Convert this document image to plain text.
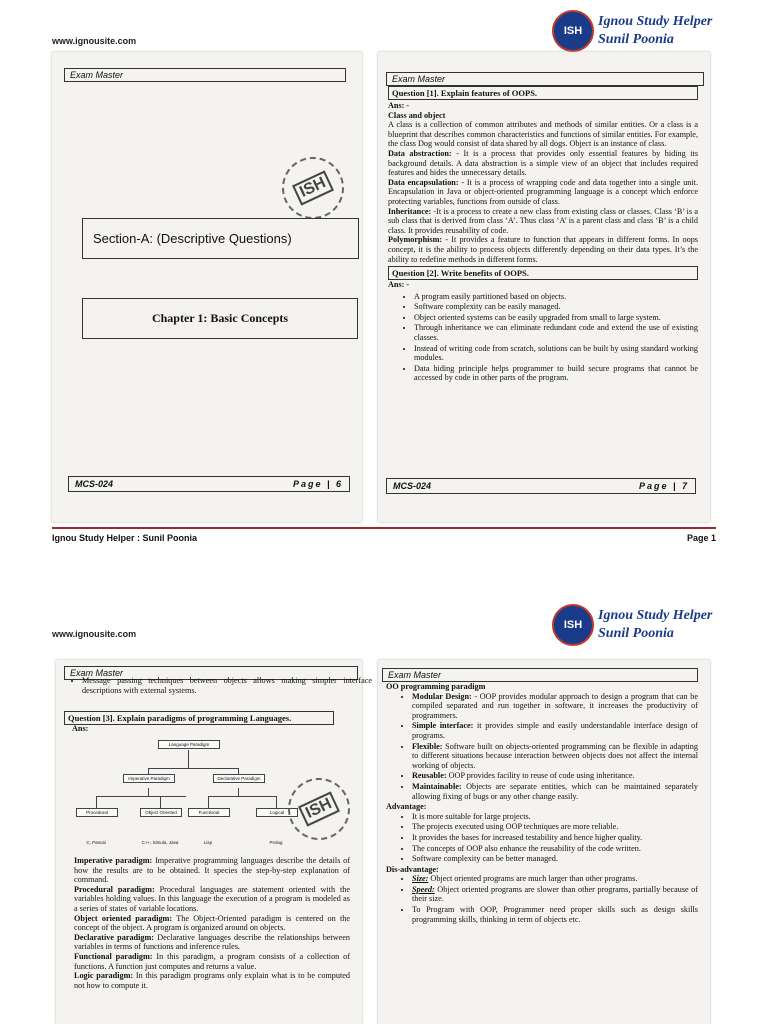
www.ignousite.com
ISH
Ignou Study Helper
Sunil Poonia
Exam Master
ISH
Section-A: (Descriptive Questions)
Chapter 1: Basic Concepts
MCS-024	Page | 6
Exam Master
Question [1]. Explain features of OOPS.

Ans: -

Class and object

A class is a collection of common attributes and methods of similar entities. Or a class is a blueprint that describes common characteristics and functions of similar entities. For example, the class Dog would consist of data shared by all dogs. Object is an instance of class.

Data abstraction: - It is a process that provides only essential features by hiding its background details. A data abstraction is a simple view of an object that includes required features and hides the unnecessary details.

Data encapsulation: - It is a process of wrapping code and data together into a single unit. Encapsulation in Java or object-oriented programming language is a concept which enforce protecting variables, functions from outside of class.

Inheritance: -It is a process to create a new class from existing class or classes. Class ‘B’ is a sub class that is derived from class ‘A’. Thus class ‘A’ is a parent class and class ‘B’ is a child class. It provides reusability of code.

Polymorphism: - It provides a feature to function that appears in different forms. In oops concept, it is the ability to process objects differently depending on their data types. It’s the ability to redefine methods in different forms.

Question [2]. Write benefits of OOPS.

Ans: -

• A program easily partitioned based on objects.
• Software complexity can be easily managed.
• Object oriented systems can be easily upgraded from small to large system.
• Through inheritance we can eliminate redundant code and extend the use of existing classes.
• Instead of writing code from scratch, solutions can be built by using standard working modules.
• Data hiding principle helps programmer to build secure programs that cannot be accessed by code in other parts of the program.
MCS-024	Page | 7
Ignou Study Helper : Sunil Poonia	Page 1
www.ignousite.com
ISH
Ignou Study Helper
Sunil Poonia
Exam Master
• Message passing techniques between objects allows making simpler interface descriptions with external systems.
Question [3]. Explain paradigms of programming Languages.
Ans:
Language Paradigm
Imperative Paradigm	Declarative Paradigm
Procedural	Object Oriented	Functional	Logical
C, Pascal	C++, Simula, Java	Lisp	Prolog
ISH

Imperative paradigm: Imperative programming languages describe the details of how the results are to be obtained. It species the step-by-step explanation of command.

Procedural paradigm: Procedural languages are statement oriented with the variables holding values. In this language the execution of a program is modeled as a series of states of variable locations.

Object oriented paradigm: The Object-Oriented paradigm is centered on the concept of the object. A program is organized around on objects.

Declarative paradigm: Declarative languages describe the relationships between variables in terms of functions and inference rules.

Functional paradigm: In this paradigm, a program consists of a collection of functions. A function just computes and returns a value.

Logic paradigm: In this paradigm programs only explain what is to be computed not how to compute it.

Exam Master

OO programming paradigm

• Modular Design: - OOP provides modular approach to design a program that can be compiled separated and run together in software, it increases the productivity of programmers.
• Simple interface: it provides simple and easily understandable interface design of programs.
• Flexible: Software built on objects-oriented programming can be flexible in adapting to different situations because interaction between objects does not affect the internal working of objects.
• Reusable: OOP provides facility to reuse of code using inheritance.
• Maintainable: Objects are separate entities, which can be maintained separately allowing fixing of bugs or any other change easily.

Advantage:

• It is more suitable for large projects.
• The projects executed using OOP techniques are more reliable.
• It provides the bases for increased testability and hence higher quality.
• The concepts of OOP also enhance the reusability of the code written.
• Software complexity can be better managed.

Dis-advantage:

• Size: Object oriented programs are much larger than other programs.
• Speed: Object oriented programs are slower than other programs, partially because of their size.
• To Program with OOP, Programmer need proper skills such as design skills programming skills, thinking in term of objects etc.
